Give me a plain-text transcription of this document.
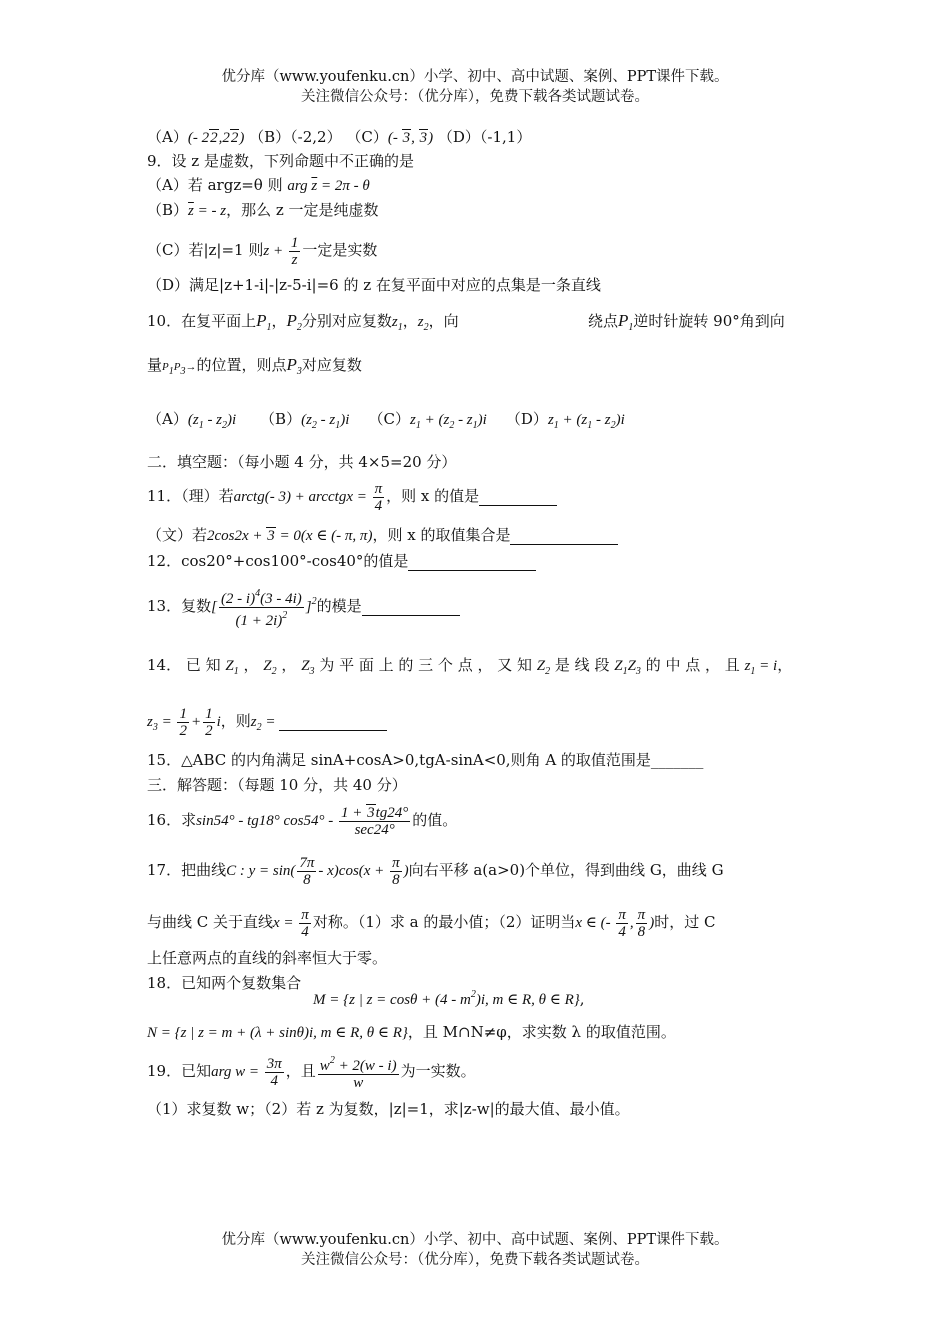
优分库（www.youfenku.cn）小学、初中、高中试题、案例、PPT课件下载。
关注微信公众号：（优分库），免费下载各类试题试卷。
（A）(- 22,22) （B）（-2,2） （C）(- 3, 3) （D）（-1,1）
9．设 z 是虚数，下列命题中不正确的是
（A）若 argz=θ 则 arg $\overline{z} = 2\pi - \theta$
$(B)\overline{z}$ = - z，那么 z 一定是纯虚数
（C）若|z|=1 则$z + \frac{1}{z}$ 一定是实数
（D）满足|z+1-i|-|z-5-i|=6 的 z 在复平面中对应的点集是一条直线
10．在复平面上$P_1$，$P_2$分别对应复数$z_1$，$z_2$，向	绕点$P_1$逆时针旋转 90°角到向
量P1P3→的位置，则点$P_3$对应复数
$(A)(z_1 - z_2)i$ $(B)(z_2 - z_1)i$ $(C)z_1 + (z_2 - z_1)i$ $(D)z_1 + (z_1 - z_2)i$
二．填空题：（每小题 4 分，共 4×5=20 分）
11．（理）若arctg(- 3) + arcctgx = $\frac{\pi}{4}$ ，则 x 的值是
（文）若2cos2x + 3 = 0(x ∈ (- π, π)，则 x 的取值集合是
12．cos20°+cos100°-cos40°的值是
13．复数[ $\frac{(2 - i)^4(3 - 4i)}{(1 + 2i)^2} ]^2$的模是
14． 已 知 $Z_1$ ， $Z_2$ ， $Z_3$ 为 平 面 上 的 三 个 点 ， 又 知 $Z_2$ 是 线 段 $Z_1Z_3$ 的 中 点 ， 且 $z_1 = i$，
$z_3 = \frac{1}{2} + \frac{1}{2}$ i，则$z_2$ =
15．△ABC 的内角满足 sinA+cosA>0,tgA-sinA<0,则角 A 的取值范围是_______
三．解答题：（每题 10 分，共 40 分）
16．求sin54° - tg18° $\cos 54^\circ - \frac{1 + 3tg24^\circ}{\sec 24^\circ}$ 的值。
17．把曲线C : $y = \sin( \frac{7\pi}{8} - x)\cos(x + \frac{\pi}{8}$ )向右平移 a(a>0)个单位，得到曲线 G，曲线 G
与曲线 C 关于直线$x = \frac{\pi}{4}$ 对称。（1）求 a 的最小值；（2）证明当x ∈ (- $\frac{\pi}{4}$ , $\frac{\pi}{8}$ )时，过 C
上任意两点的直线的斜率恒大于零。
18．已知两个复数集合
M = {z | $z = \cos\theta + (4 - m^2)i$, m ∈ R, θ ∈ R},
N = {z | z = m + (λ + sinθ)i, m ∈ R, θ ∈ R}，且 M∩N≠φ，求实数 λ 的取值范围。
19．已知arg $w = \frac{3\pi}{4}$ ，且 $\frac{w^2 + 2(w - i)}{w}$ 为一实数。
（1）求复数 w；（2）若 z 为复数，|z|=1，求|z-w|的最大值、最小值。
优分库（www.youfenku.cn）小学、初中、高中试题、案例、PPT课件下载。
关注微信公众号：（优分库），免费下载各类试题试卷。
